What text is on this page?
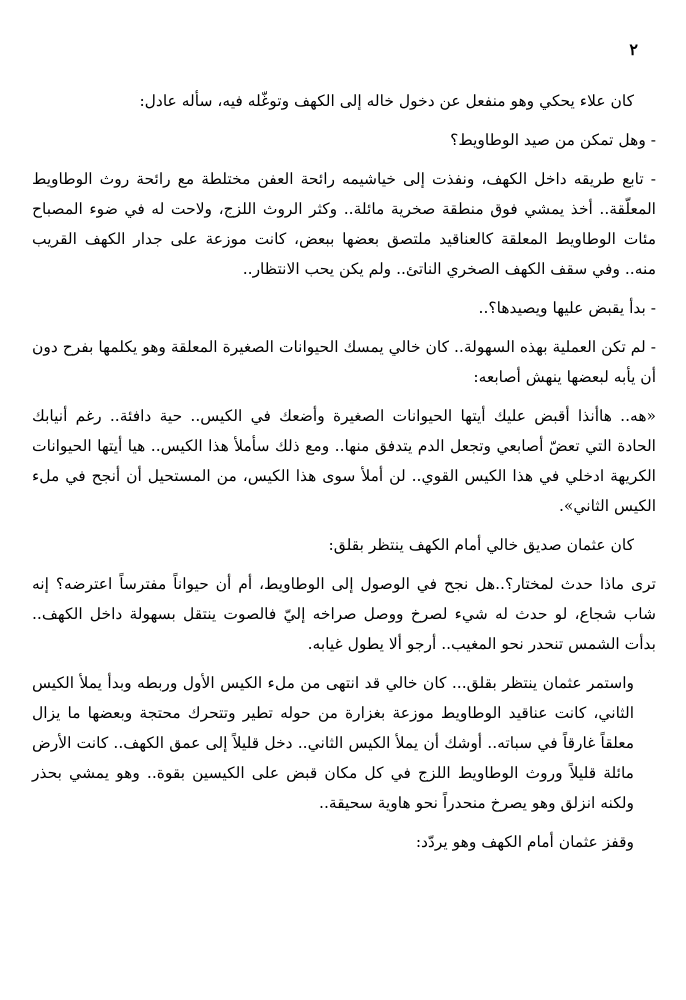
٢

كان علاء يحكي وهو منفعل عن دخول خاله إلى الكهف وتوغّله فيه، سأله عادل:

- وهل تمكن من صيد الوطاويط؟

- تابع طريقه داخل الكهف، ونفذت إلى خياشيمه رائحة العفن مختلطة مع رائحة روث الوطاويط المعلّقة.. أخذ يمشي فوق منطقة صخرية مائلة.. وكثر الروث اللزج، ولاحت له في ضوء المصباح مئات الوطاويط المعلقة كالعناقيد ملتصق بعضها ببعض، كانت موزعة على جدار الكهف القريب منه.. وفي سقف الكهف الصخري الناتئ.. ولم يكن يحب الانتظار..

- بدأ يقبض عليها ويصيدها؟..

- لم تكن العملية بهذه السهولة.. كان خالي يمسك الحيوانات الصغيرة المعلقة وهو يكلمها بفرح دون أن يأبه لبعضها ينهش أصابعه:

«هه.. هاأنذا أقبض عليك أيتها الحيوانات الصغيرة وأضعك في الكيس.. حية دافئة.. رغم أنيابك الحادة التي تعضّ أصابعي وتجعل الدم يتدفق منها.. ومع ذلك سأملأ هذا الكيس.. هيا أيتها الحيوانات الكريهة ادخلي في هذا الكيس القوي.. لن أملأ سوى هذا الكيس، من المستحيل أن أنجح في ملء الكيس الثاني».

كان عثمان صديق خالي أمام الكهف ينتظر بقلق:

ترى ماذا حدث لمختار؟..هل نجح في الوصول إلى الوطاويط، أم أن حيواناً مفترساً اعترضه؟ إنه شاب شجاع، لو حدث له شيء لصرخ ووصل صراخه إليّ فالصوت ينتقل بسهولة داخل الكهف.. بدأت الشمس تنحدر نحو المغيب.. أرجو ألا يطول غيابه.

واستمر عثمان ينتظر بقلق... كان خالي قد انتهى من ملء الكيس الأول وربطه وبدأ يملأ الكيس الثاني، كانت عناقيد الوطاويط موزعة بغزارة من حوله تطير وتتحرك محتجة وبعضها ما يزال معلقاً غارقاً في سباته.. أوشك أن يملأ الكيس الثاني.. دخل قليلاً إلى عمق الكهف.. كانت الأرض مائلة قليلاً وروث الوطاويط اللزج في كل مكان قبض على الكيسين بقوة.. وهو يمشي بحذر ولكنه انزلق وهو يصرخ منحدراً نحو هاوية سحيقة..

وقفز عثمان أمام الكهف وهو يردّد:
